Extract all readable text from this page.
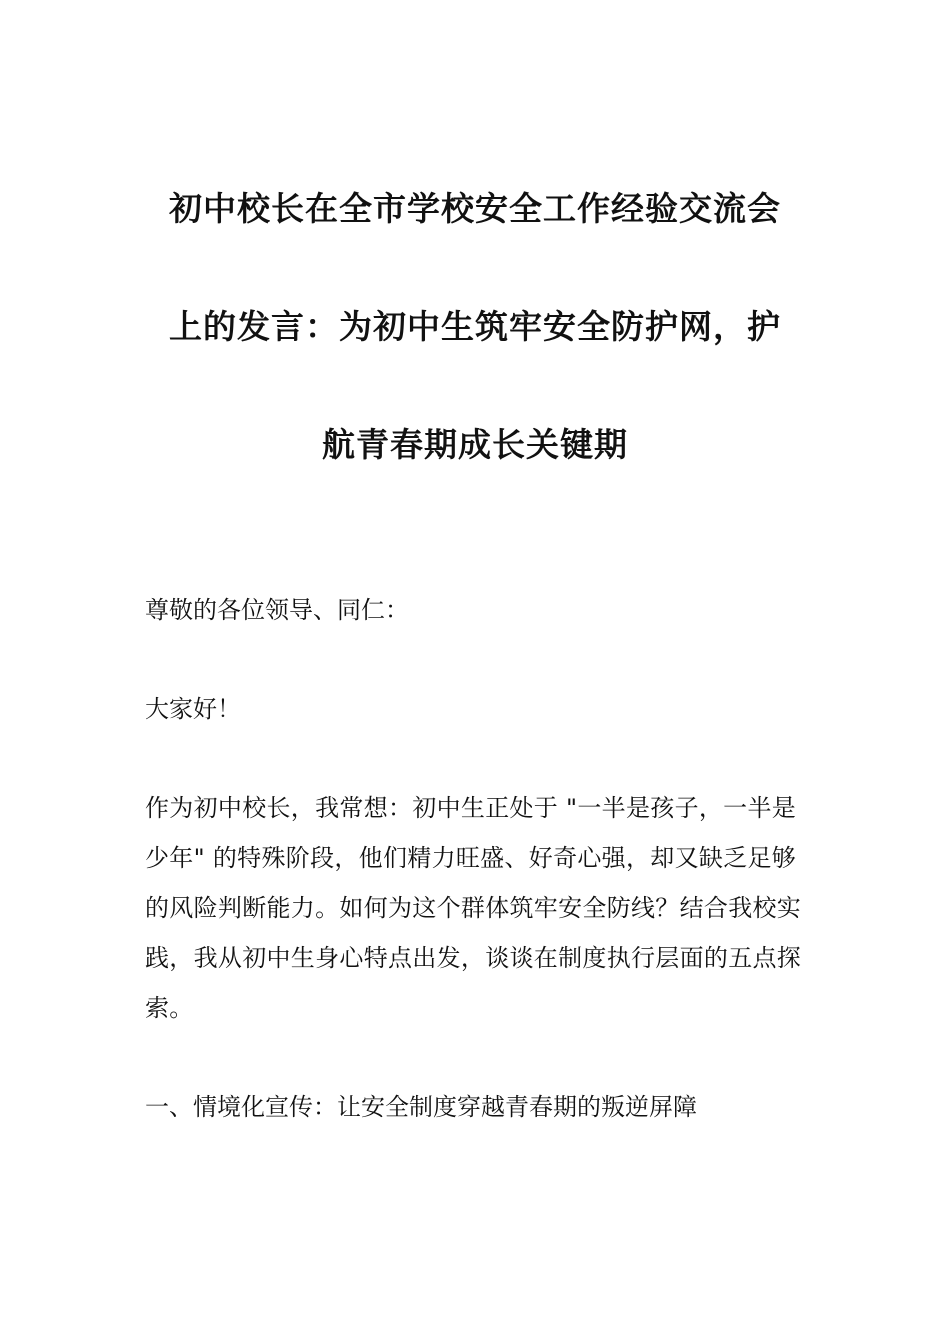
初中校长在全市学校安全工作经验交流会
上的发言：为初中生筑牢安全防护网，护
航青春期成长关键期

尊敬的各位领导、同仁：

大家好！

作为初中校长，我常想：初中生正处于 "一半是孩子，一半是少年" 的特殊阶段，他们精力旺盛、好奇心强，却又缺乏足够的风险判断能力。如何为这个群体筑牢安全防线？结合我校实践，我从初中生身心特点出发，谈谈在制度执行层面的五点探索。

一、情境化宣传：让安全制度穿越青春期的叛逆屏障
